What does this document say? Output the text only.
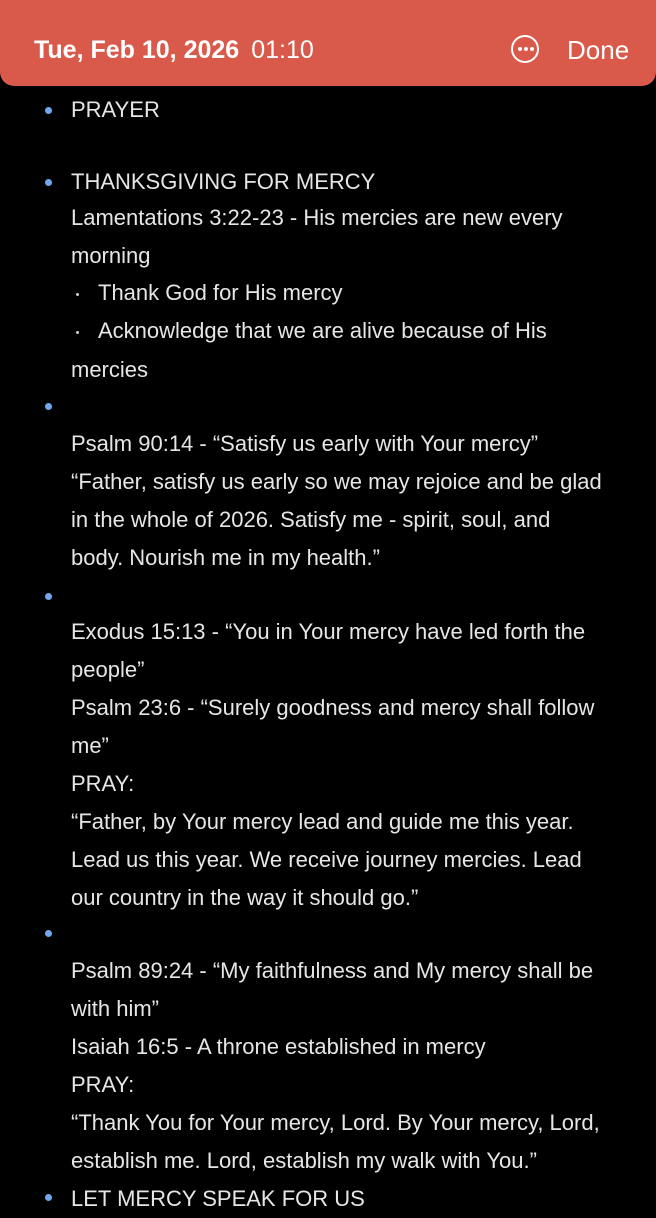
PRAYER
THANKSGIVING FOR MERCY
Lamentations 3:22-23 - His mercies are new every
morning
Thank God for His mercy
Acknowledge that we are alive because of His
mercies
Psalm 90:14 - “Satisfy us early with Your mercy”
“Father, satisfy us early so we may rejoice and be glad
in the whole of 2026. Satisfy me - spirit, soul, and
body. Nourish me in my health.”
Exodus 15:13 - “You in Your mercy have led forth the
people”
Psalm 23:6 - “Surely goodness and mercy shall follow
me”
PRAY:
“Father, by Your mercy lead and guide me this year.
Lead us this year. We receive journey mercies. Lead
our country in the way it should go.”
Psalm 89:24 - “My faithfulness and My mercy shall be
with him”
Isaiah 16:5 - A throne established in mercy
PRAY:
“Thank You for Your mercy, Lord. By Your mercy, Lord,
establish me. Lord, establish my walk with You.”
LET MERCY SPEAK FOR US
Tue, Feb 10, 2026 01:10	Done
